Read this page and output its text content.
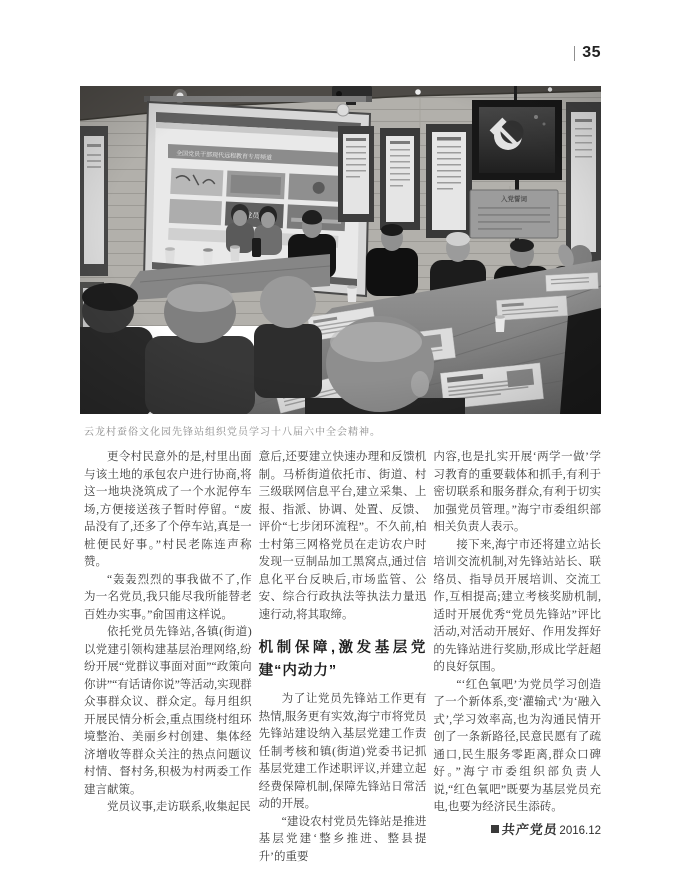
35
云龙村蚕俗文化园先锋站组织党员学习十八届六中全会精神。

更令村民意外的是,村里出面与该土地的承包农户进行协商,将这一地块浇筑成了一个水泥停车场,方便接送孩子暂时停留。“废品没有了,还多了个停车站,真是一桩便民好事。”村民老陈连声称赞。

“轰轰烈烈的事我做不了,作为一名党员,我只能尽我所能替老百姓办实事。”俞国甫这样说。

依托党员先锋站,各镇(街道)以党建引领构建基层治理网络,纷纷开展“党群议事面对面”“政策向你讲”“有话请你说”等活动,实现群众事群众议、群众定。每月组织开展民情分析会,重点围绕村组环境整治、美丽乡村创建、集体经济增收等群众关注的热点问题议村情、督村务,积极为村两委工作建言献策。

党员议事,走访联系,收集起民

意后,还要建立快速办理和反馈机制。马桥街道依托市、街道、村三级联网信息平台,建立采集、上报、指派、协调、处置、反馈、评价“七步闭环流程”。不久前,柏士村第三网格党员在走访农户时发现一豆制品加工黑窝点,通过信息化平台反映后,市场监管、公安、综合行政执法等执法力量迅速行动,将其取缔。

机制保障,激发基层党建“内动力”

为了让党员先锋站工作更有热情,服务更有实效,海宁市将党员先锋站建设纳入基层党建工作责任制考核和镇(街道)党委书记抓基层党建工作述职评议,并建立起经费保障机制,保障先锋站日常活动的开展。

“建设农村党员先锋站是推进基层党建‘整乡推进、整县提升’的重要

内容,也是扎实开展‘两学一做’学习教育的重要载体和抓手,有利于密切联系和服务群众,有利于切实加强党员管理。”海宁市委组织部相关负责人表示。

接下来,海宁市还将建立站长培训交流机制,对先锋站站长、联络员、指导员开展培训、交流工作,互相提高;建立考核奖励机制,适时开展优秀“党员先锋站”评比活动,对活动开展好、作用发挥好的先锋站进行奖励,形成比学赶超的良好氛围。

“‘红色氧吧’为党员学习创造了一个新体系,变‘灌输式’为‘融入式’,学习效率高,也为沟通民情开创了一条新路径,民意民愿有了疏通口,民生服务零距离,群众口碑好。”海宁市委组织部负责人说,“红色氧吧”既要为基层党员充电,也要为经济民生添砖。

共产党员 2016.12
